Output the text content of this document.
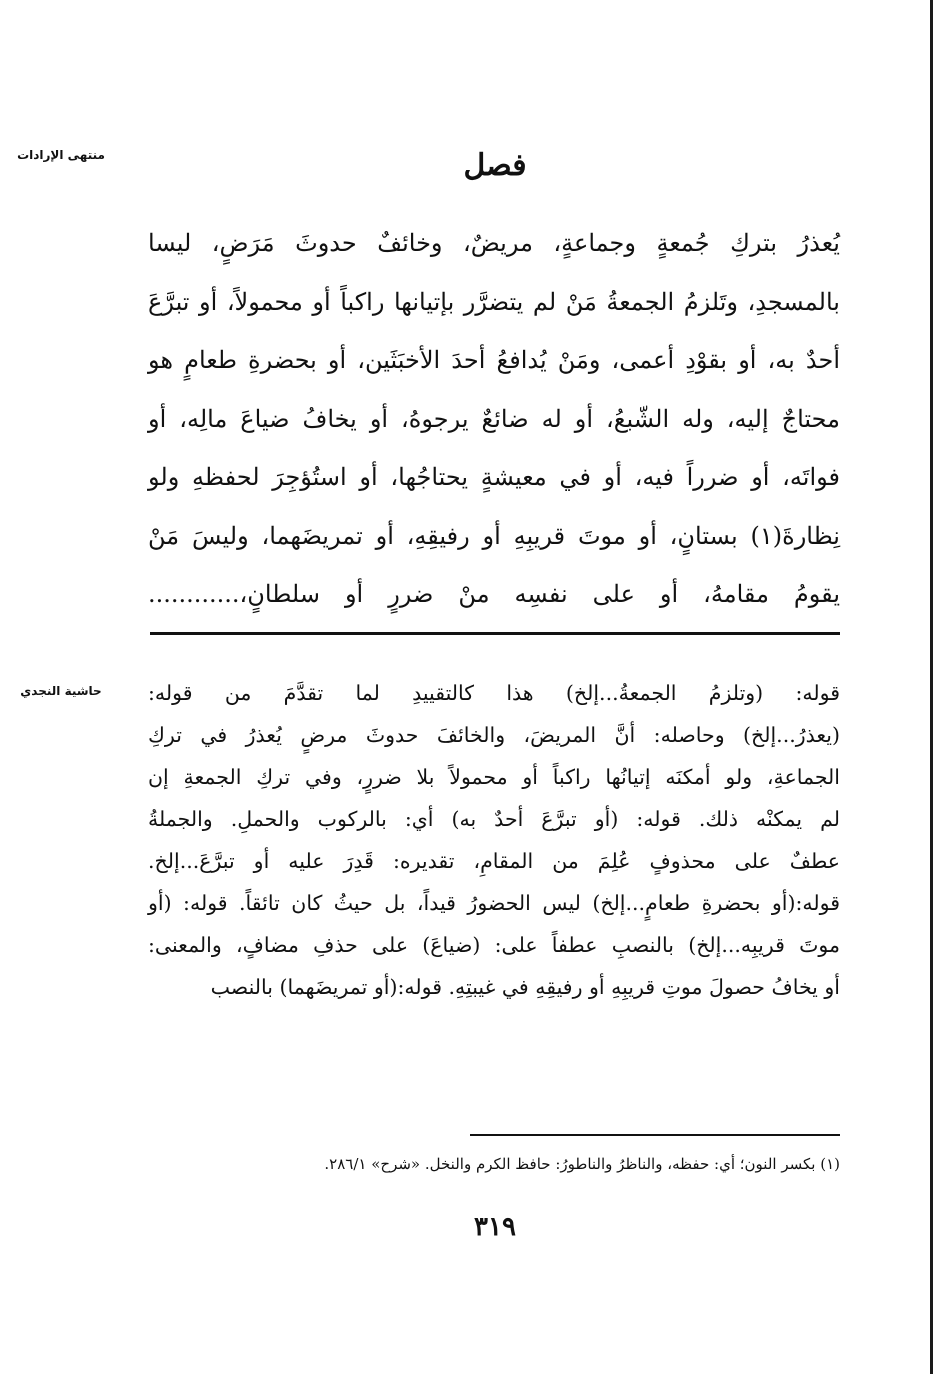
منتهى الإرادات
حاشية النجدي
فصل
يُعذرُ بتركِ جُمعةٍ وجماعةٍ، مريضٌ، وخائفٌ حدوثَ مَرَضٍ، ليسا
بالمسجدِ، وتَلزمُ الجمعةُ مَنْ لم يتضرَّر بإتيانها راكباً أو محمولاً، أو تبرَّعَ
أحدٌ به، أو بقوْدِ أعمى، ومَنْ يُدافعُ أحدَ الأخبَثَين، أو بحضرةِ طعامٍ هو
محتاجٌ إليه، وله الشّبعُ، أو له ضائعٌ يرجوهُ، أو يخافُ ضياعَ مالِه، أو
فواتَه، أو ضرراً فيه، أو في معيشةٍ يحتاجُها، أو استُؤجِرَ لحفظهِ ولو
نِظارةَ(١) بستانٍ، أو موتَ قريبِهِ أو رفيقِهِ، أو تمريضَهما، وليسَ مَنْ
يقومُ مقامهُ، أو على نفسِه منْ ضررٍ أو سلطانٍ،............
قوله: (وتلزمُ الجمعةُ...إلخ) هذا كالتقييدِ لما تقدَّمَ من قوله:
(يعذرُ...إلخ) وحاصله: أنَّ المريضَ، والخائفَ حدوثَ مرضٍ يُعذرُ في تركِ
الجماعةِ، ولو أمكنَه إتيانُها راكباً أو محمولاً بلا ضررٍ، وفي تركِ الجمعةِ إن
لم يمكنْه ذلك. قوله: (أو تبرَّعَ أحدٌ به) أي: بالركوب والحملِ. والجملةُ
عطفٌ على محذوفٍ عُلِمَ من المقامِ، تقديره: قَدِرَ عليه أو تبرَّعَ...إلخ.
قوله:(أو بحضرةِ طعامٍ...إلخ) ليس الحضورُ قيداً، بل حيثُ كان تائقاً. قوله: (أو
موتَ قريبِه...إلخ) بالنصبِ عطفاً على: (ضياعَ) على حذفِ مضافٍ، والمعنى:
أو يخافُ حصولَ موتِ قريبِهِ أو رفيقِهِ في غيبتِهِ. قوله:(أو تمريضَهما) بالنصب
(١) بكسر النون؛ أي: حفظه، والناظرُ والناطورُ: حافظ الكرم والنخل. «شرح» ٢٨٦/١.
٣١٩
